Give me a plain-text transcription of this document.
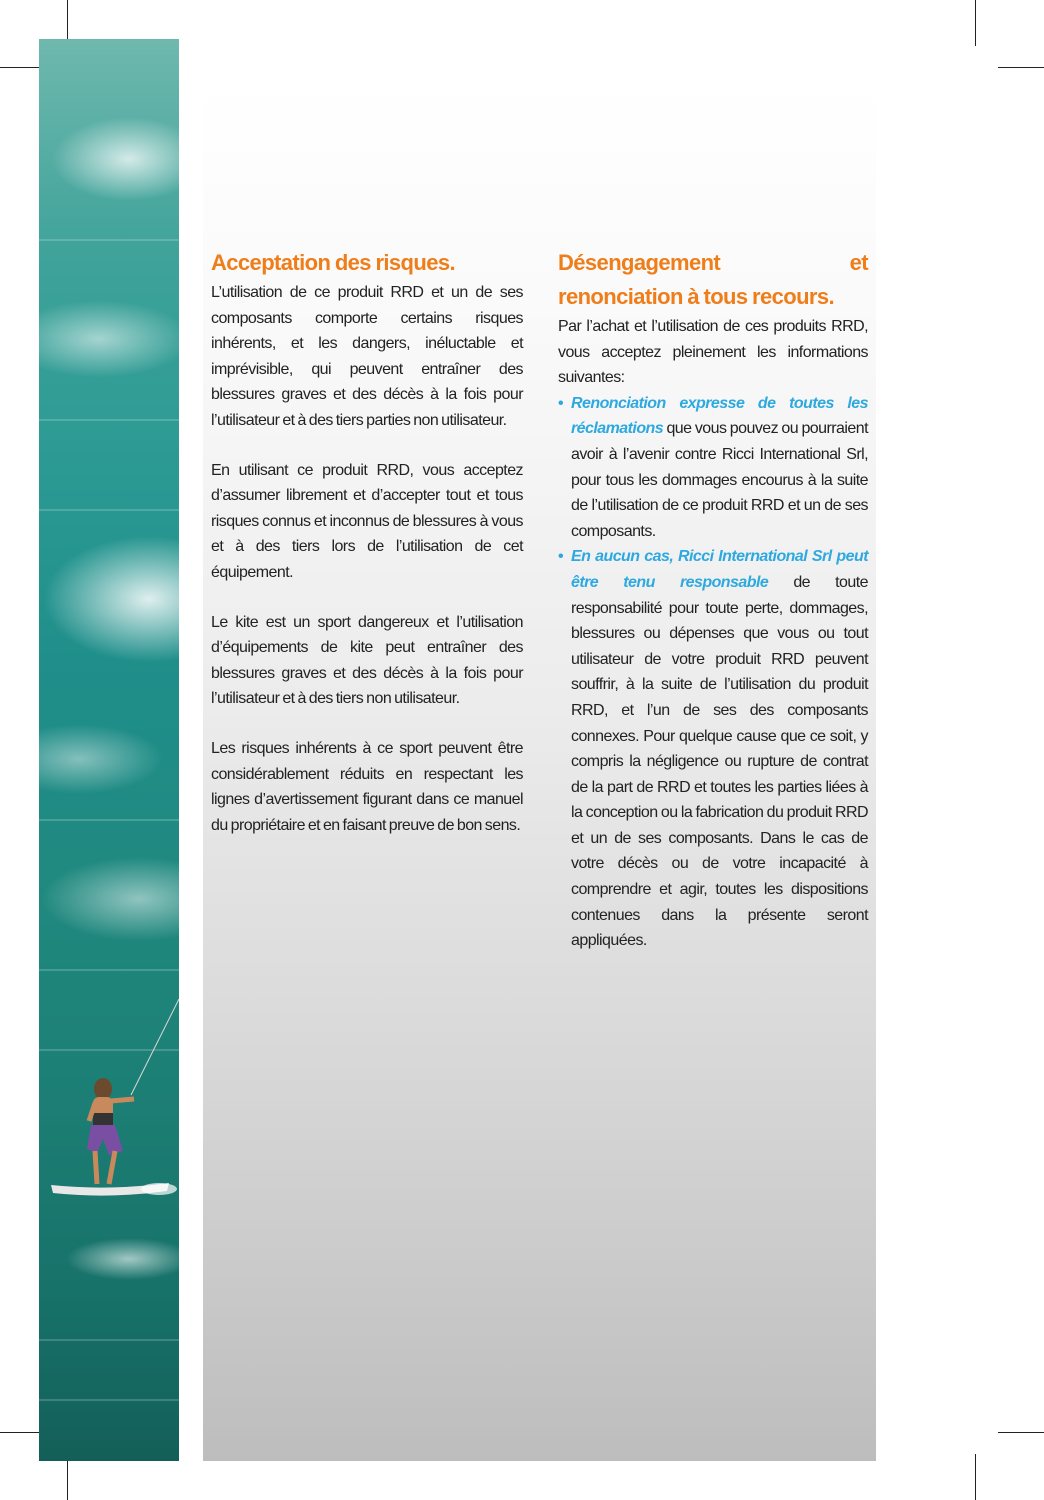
Acceptation des risques.

L’utilisation de ce produit RRD et un de ses composants comporte certains risques inhérents, et les dangers, inéluctable et imprévisible, qui peuvent entraîner des blessures graves et des décès à la fois pour l’utilisateur et à des tiers parties non utilisateur.

En utilisant ce produit RRD, vous acceptez d’assumer librement et d’accepter tout et tous risques connus et inconnus de blessures à vous et à des tiers lors de l’utilisation de cet équipement.

Le kite est un sport dangereux et l’utilisation d’équipements de kite peut entraîner des blessures graves et des décès à la fois pour l’utilisateur et à des tiers non utilisateur.

Les risques inhérents à ce sport peuvent être considérablement réduits en respectant les lignes d’avertissement figurant dans ce manuel du propriétaire et en faisant preuve de bon sens.

Désengagement et renonciation à tous recours.

Par l’achat et l’utilisation de ces produits RRD, vous acceptez pleinement les informations suivantes:

• Renonciation expresse de toutes les réclamations que vous pouvez ou pourraient avoir à l’avenir contre Ricci International Srl, pour tous les dommages encourus à la suite de l’utilisation de ce produit RRD et un de ses composants.
• En aucun cas, Ricci International Srl peut être tenu responsable de toute responsabilité pour toute perte, dommages, blessures ou dépenses que vous ou tout utilisateur de votre produit RRD peuvent souffrir, à la suite de l’utilisation du produit RRD, et l’un de ses des composants connexes. Pour quelque cause que ce soit, y compris la négligence ou rupture de contrat de la part de RRD et toutes les parties liées à la conception ou la fabrication du produit RRD et un de ses composants. Dans le cas de votre décès ou de votre incapacité à comprendre et agir, toutes les dispositions contenues dans la présente seront appliquées.
